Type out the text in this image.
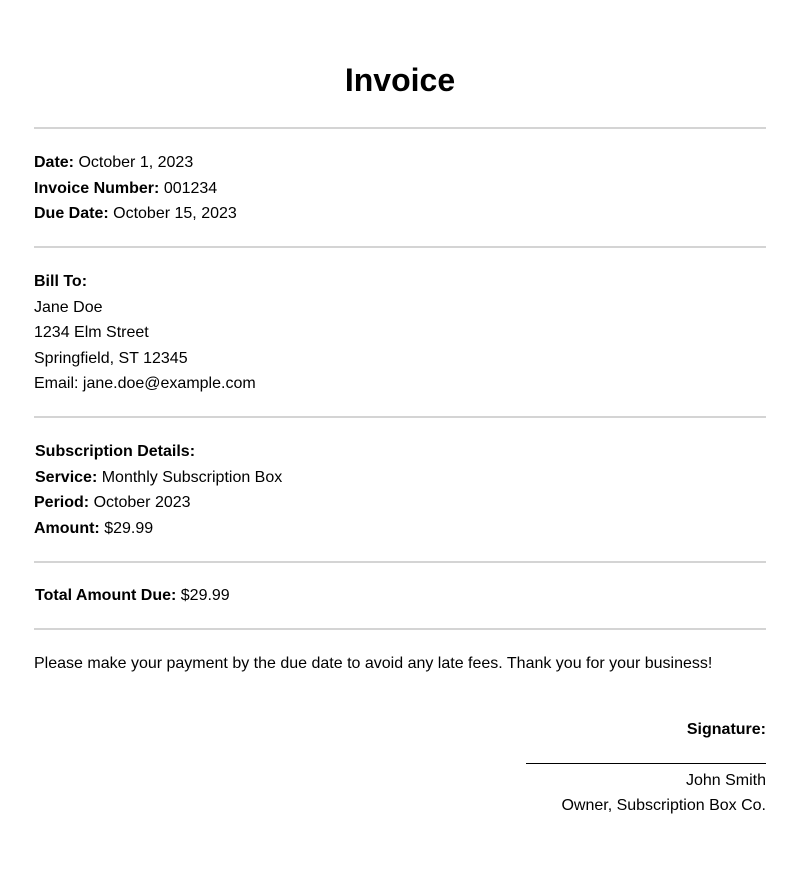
Invoice
Date: October 1, 2023
Invoice Number: 001234
Due Date: October 15, 2023
Bill To:
Jane Doe
1234 Elm Street
Springfield, ST 12345
Email: jane.doe@example.com
Subscription Details:
Service: Monthly Subscription Box
Period: October 2023
Amount: $29.99
Total Amount Due: $29.99
Please make your payment by the due date to avoid any late fees. Thank you for your business!
Signature:
John Smith
Owner, Subscription Box Co.
